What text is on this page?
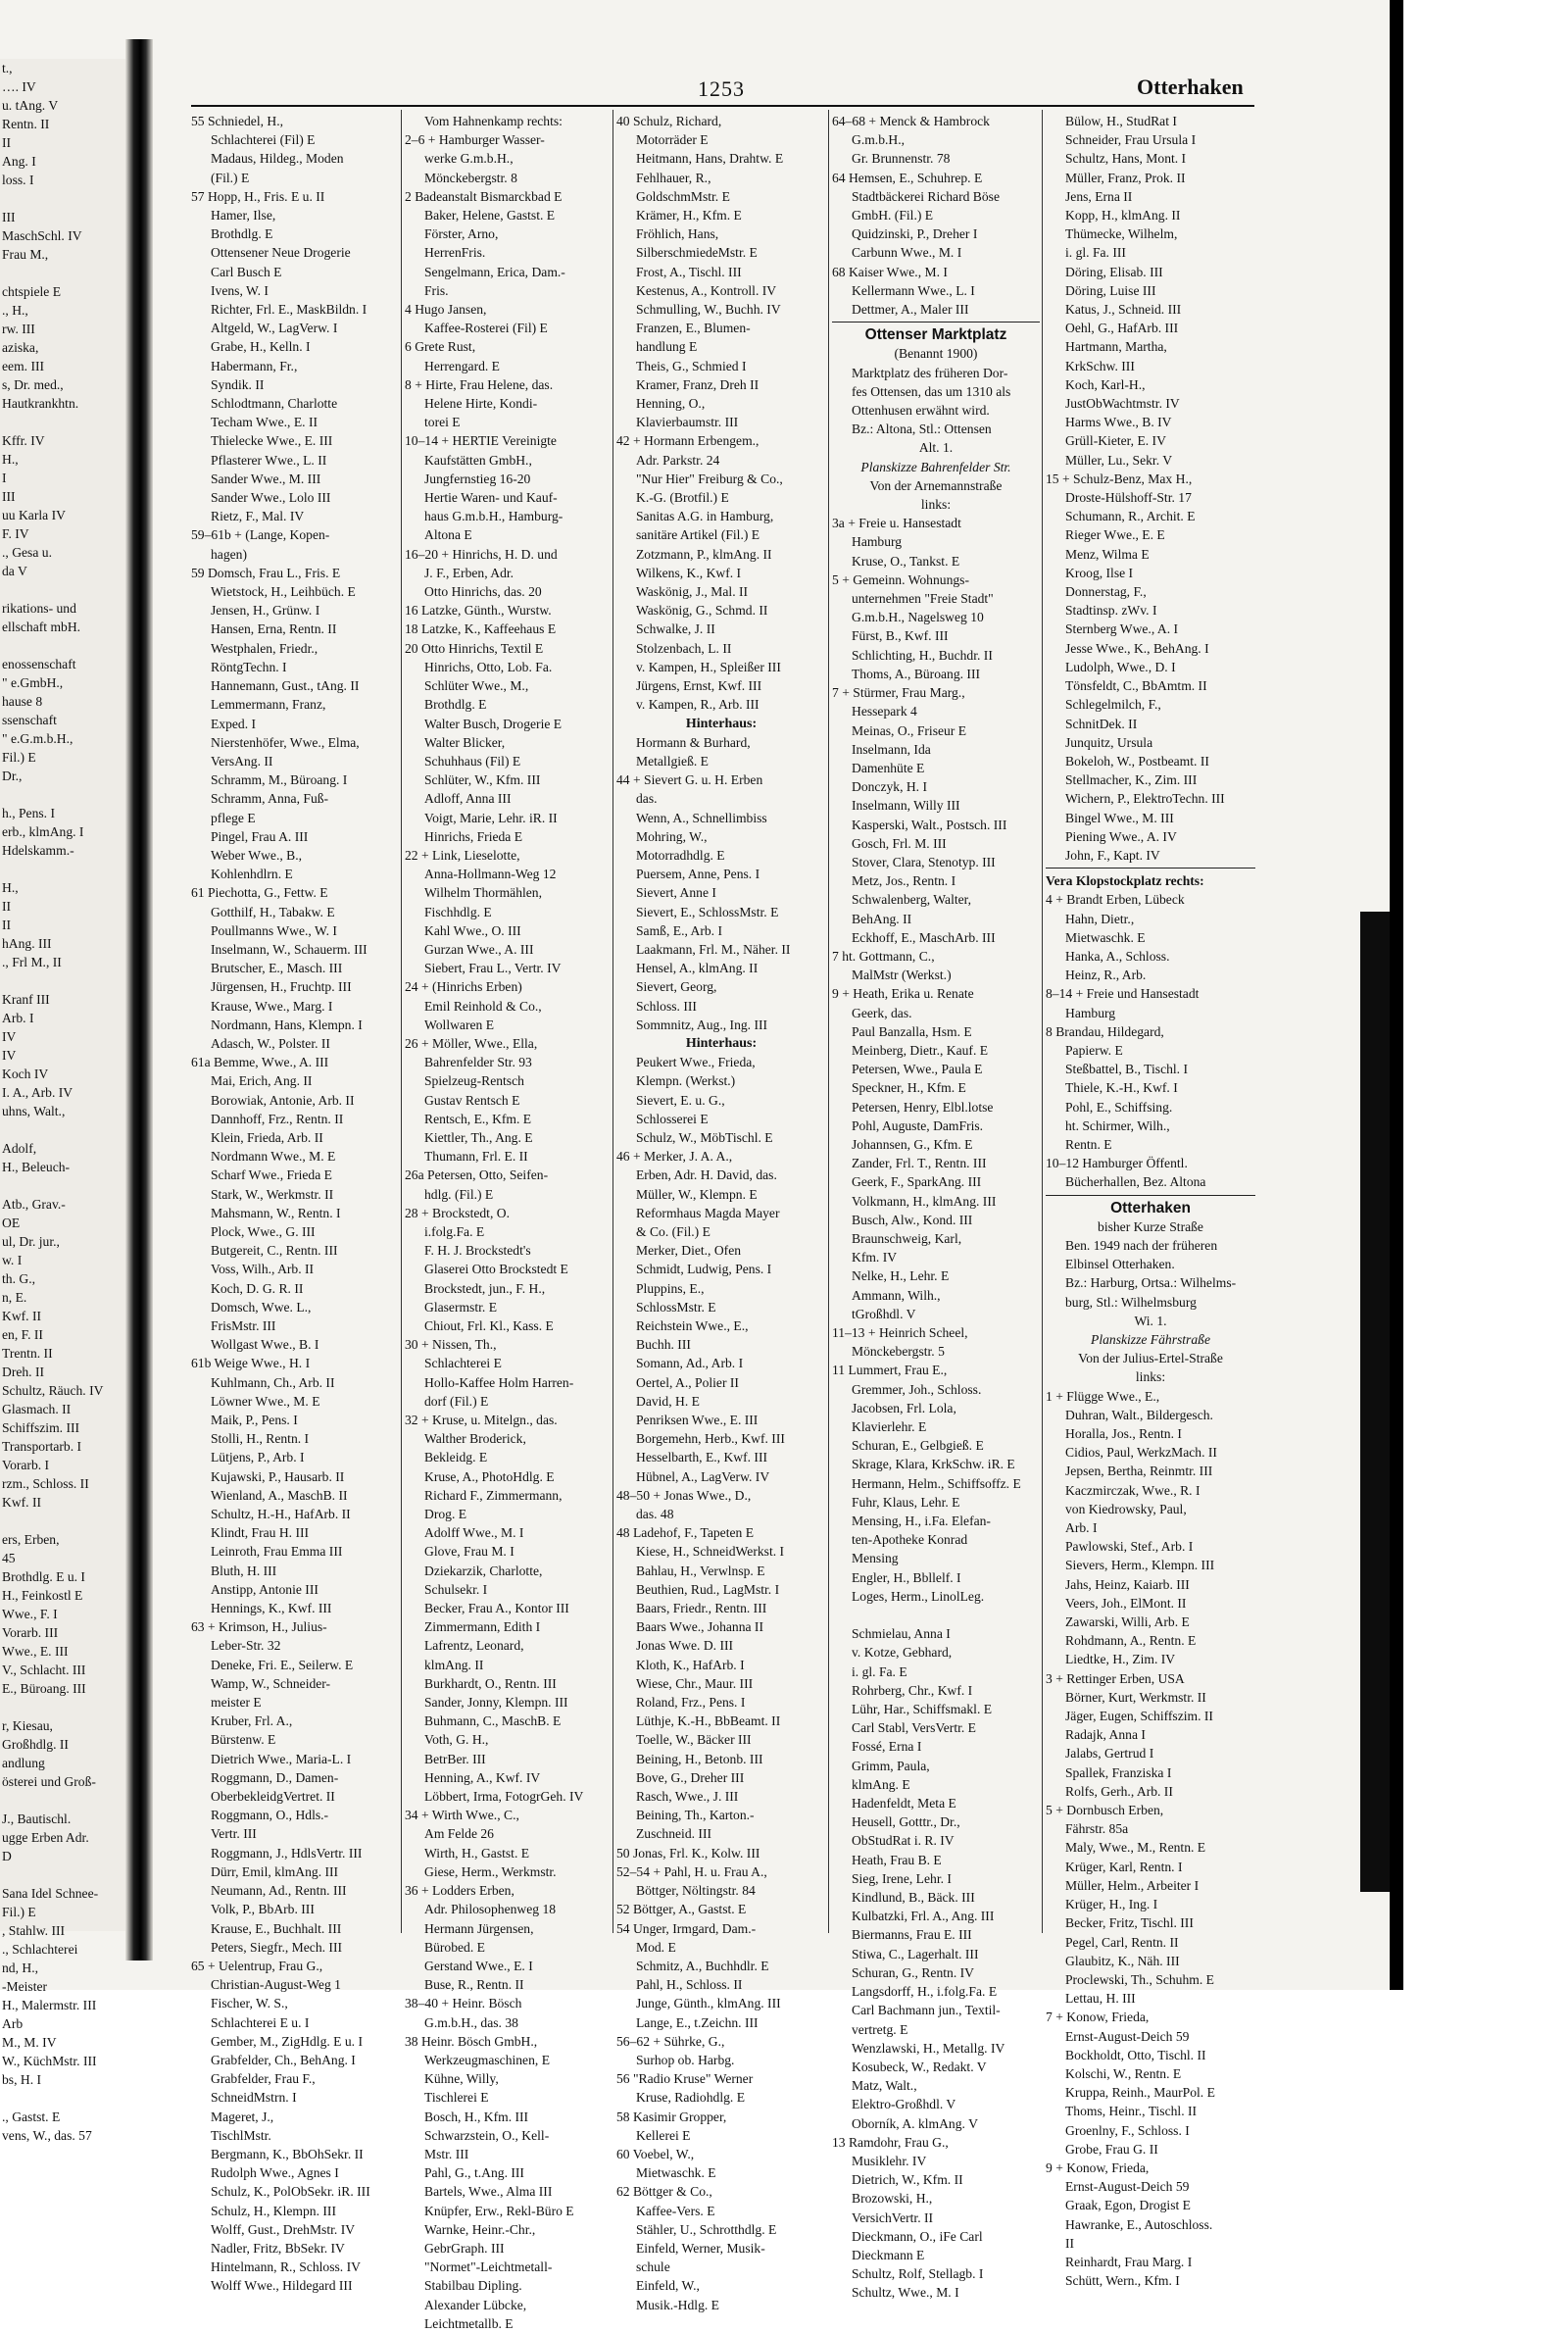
t.,
…. IV
u. tAng. V
Rentn. II
II
Ang. I
loss. I
III
MaschSchl. IV
Frau M.,
chtspiele E
., H.,
rw. III
aziska,
eem. III
s, Dr. med.,
Hautkrankhtn.
Kffr. IV
H.,
I
III
uu Karla IV
F. IV
., Gesa u.
da V
rikations- und
ellschaft mbH.
enossenschaft
" e.GmbH.,
hause 8
ssenschaft
" e.G.m.b.H.,
Fil.) E
Dr.,
h., Pens. I
erb., klmAng. I
Hdelskamm.-
H.,
II
II
hAng. III
., Frl M., II
Kranf III
Arb. I
IV
IV
Koch IV
I. A., Arb. IV
uhns, Walt.,
Adolf,
H., Beleuch-
Atb., Grav.-
OE
ul, Dr. jur.,
w. I
th. G.,
n, E.
Kwf. II
en, F. II
Trentn. II
Dreh. II
Schultz, Räuch. IV
Glasmach. II
Schiffszim. III
Transportarb. I
Vorarb. I
rzm., Schloss. II
Kwf. II
ers, Erben,
45
Brothdlg. E u. I
H., Feinkostl E
Wwe., F. I
Vorarb. III
Wwe., E. III
V., Schlacht. III
E., Büroang. III
r, Kiesau,
Großhdlg. II
andlung
österei und Groß-
J., Bautischl.
ugge Erben Adr.
D
Sana Idel Schnee-
Fil.) E
, Stahlw. III
., Schlachterei
nd, H.,
-Meister
H., Malermstr. III
Arb
M., M. IV
W., KüchMstr. III
bs, H. I
., Gastst. E
vens, W., das. 57
1253	Otterhaken
55 Schniedel, H.,
Schlachterei (Fil) E
Madaus, Hildeg., Moden
(Fil.) E
57 Hopp, H., Fris. E u. II
Hamer, Ilse,
Brothdlg. E
Ottensener Neue Drogerie
Carl Busch E
Ivens, W. I
Richter, Frl. E., MaskBildn. I
Altgeld, W., LagVerw. I
Grabe, H., Kelln. I
Habermann, Fr.,
Syndik. II
Schlodtmann, Charlotte
Techam Wwe., E. II
Thielecke Wwe., E. III
Pflasterer Wwe., L. II
Sander Wwe., M. III
Sander Wwe., Lolo III
Rietz, F., Mal. IV
59–61b + (Lange, Kopen-
hagen)
59 Domsch, Frau L., Fris. E
Wietstock, H., Leihbüch. E
Jensen, H., Grünw. I
Hansen, Erna, Rentn. II
Westphalen, Friedr.,
RöntgTechn. I
Hannemann, Gust., tAng. II
Lemmermann, Franz,
Exped. I
Nierstenhöfer, Wwe., Elma,
VersAng. II
Schramm, M., Büroang. I
Schramm, Anna, Fuß-
pflege E
Pingel, Frau A. III
Weber Wwe., B.,
Kohlenhdlrn. E
61 Piechotta, G., Fettw. E
Gotthilf, H., Tabakw. E
Poullmanns Wwe., W. I
Inselmann, W., Schauerm. III
Brutscher, E., Masch. III
Jürgensen, H., Fruchtp. III
Krause, Wwe., Marg. I
Nordmann, Hans, Klempn. I
Adasch, W., Polster. II
61a Bemme, Wwe., A. III
Mai, Erich, Ang. II
Borowiak, Antonie, Arb. II
Dannhoff, Frz., Rentn. II
Klein, Frieda, Arb. II
Nordmann Wwe., M. E
Scharf Wwe., Frieda E
Stark, W., Werkmstr. II
Mahsmann, W., Rentn. I
Plock, Wwe., G. III
Butgereit, C., Rentn. III
Voss, Wilh., Arb. II
Koch, D. G. R. II
Domsch, Wwe. L.,
FrisMstr. III
Wollgast Wwe., B. I
61b Weige Wwe., H. I
Kuhlmann, Ch., Arb. II
Löwner Wwe., M. E
Maik, P., Pens. I
Stolli, H., Rentn. I
Lütjens, P., Arb. I
Kujawski, P., Hausarb. II
Wienland, A., MaschB. II
Schultz, H.-H., HafArb. II
Klindt, Frau H. III
Leinroth, Frau Emma III
Bluth, H. III
Anstipp, Antonie III
Hennings, K., Kwf. III
63 + Krimson, H., Julius-
Leber-Str. 32
Deneke, Fri. E., Seilerw. E
Wamp, W., Schneider-
meister E
Kruber, Frl. A.,
Bürstenw. E
Dietrich Wwe., Maria-L. I
Roggmann, D., Damen-
OberbekleidgVertret. II
Roggmann, O., Hdls.-
Vertr. III
Roggmann, J., HdlsVertr. III
Dürr, Emil, klmAng. III
Neumann, Ad., Rentn. III
Volk, P., BbArb. III
Krause, E., Buchhalt. III
Peters, Siegfr., Mech. III
65 + Uelentrup, Frau G.,
Christian-August-Weg 1
Fischer, W. S.,
Schlachterei E u. I
Gember, M., ZigHdlg. E u. I
Grabfelder, Ch., BehAng. I
Grabfelder, Frau F.,
SchneidMstrn. I
Mageret, J.,
TischlMstr.
Bergmann, K., BbOhSekr. II
Rudolph Wwe., Agnes I
Schulz, K., PolObSekr. iR. III
Schulz, H., Klempn. III
Wolff, Gust., DrehMstr. IV
Nadler, Fritz, BbSekr. IV
Hintelmann, R., Schloss. IV
Wolff Wwe., Hildegard III
Vom Hahnenkamp rechts:
2–6 + Hamburger Wasser-
werke G.m.b.H.,
Mönckebergstr. 8
2 Badeanstalt Bismarckbad E
Baker, Helene, Gastst. E
Förster, Arno,
HerrenFris.
Sengelmann, Erica, Dam.-
Fris.
4 Hugo Jansen,
Kaffee-Rosterei (Fil) E
6 Grete Rust,
Herrengard. E
8 + Hirte, Frau Helene, das.
Helene Hirte, Kondi-
torei E
10–14 + HERTIE Vereinigte
Kaufstätten GmbH.,
Jungfernstieg 16-20
Hertie Waren- und Kauf-
haus G.m.b.H., Hamburg-
Altona E
16–20 + Hinrichs, H. D. und
J. F., Erben, Adr.
Otto Hinrichs, das. 20
16 Latzke, Günth., Wurstw.
18 Latzke, K., Kaffeehaus E
20 Otto Hinrichs, Textil E
Hinrichs, Otto, Lob. Fa.
Schlüter Wwe., M.,
Brothdlg. E
Walter Busch, Drogerie E
Walter Blicker,
Schuhhaus (Fil) E
Schlüter, W., Kfm. III
Adloff, Anna III
Voigt, Marie, Lehr. iR. II
Hinrichs, Frieda E
22 + Link, Lieselotte,
Anna-Hollmann-Weg 12
Wilhelm Thormählen,
Fischhdlg. E
Kahl Wwe., O. III
Gurzan Wwe., A. III
Siebert, Frau L., Vertr. IV
24 + (Hinrichs Erben)
Emil Reinhold & Co.,
Wollwaren E
26 + Möller, Wwe., Ella,
Bahrenfelder Str. 93
Spielzeug-Rentsch
Gustav Rentsch E
Rentsch, E., Kfm. E
Kiettler, Th., Ang. E
Thumann, Frl. E. II
26a Petersen, Otto, Seifen-
hdlg. (Fil.) E
28 + Brockstedt, O.
i.folg.Fa. E
F. H. J. Brockstedt's
Glaserei Otto Brockstedt E
Brockstedt, jun., F. H.,
Glasermstr. E
Chiout, Frl. Kl., Kass. E
30 + Nissen, Th.,
Schlachterei E
Hollo-Kaffee Holm Harren-
dorf (Fil.) E
32 + Kruse, u. Mitelgn., das.
Walther Broderick,
Bekleidg. E
Kruse, A., PhotoHdlg. E
Richard F., Zimmermann,
Drog. E
Adolff Wwe., M. I
Glove, Frau M. I
Dziekarzik, Charlotte,
Schulsekr. I
Becker, Frau A., Kontor III
Zimmermann, Edith I
Lafrentz, Leonard,
klmAng. II
Burkhardt, O., Rentn. III
Sander, Jonny, Klempn. III
Buhmann, C., MaschB. E
Voth, G. H.,
BetrBer. III
Henning, A., Kwf. IV
Löbbert, Irma, FotogrGeh. IV
34 + Wirth Wwe., C.,
Am Felde 26
Wirth, H., Gastst. E
Giese, Herm., Werkmstr.
36 + Lodders Erben,
Adr. Philosophenweg 18
Hermann Jürgensen,
Bürobed. E
Gerstand Wwe., E. I
Buse, R., Rentn. II
38–40 + Heinr. Bösch
G.m.b.H., das. 38
38 Heinr. Bösch GmbH.,
Werkzeugmaschinen, E
Kühne, Willy,
Tischlerei E
Bosch, H., Kfm. III
Schwarzstein, O., Kell-
Mstr. III
Pahl, G., t.Ang. III
Bartels, Wwe., Alma III
Knüpfer, Erw., Rekl-Büro E
Warnke, Heinr.-Chr.,
GebrGraph. III
"Normet"-Leichtmetall-
Stabilbau Dipling.
Alexander Lübcke,
Leichtmetallb. E
40 Schulz, Richard,
Motorräder E
Heitmann, Hans, Drahtw. E
Fehlhauer, R.,
GoldschmMstr. E
Krämer, H., Kfm. E
Fröhlich, Hans,
SilberschmiedeMstr. E
Frost, A., Tischl. III
Kestenus, A., Kontroll. IV
Schmulling, W., Buchh. IV
Franzen, E., Blumen-
handlung E
Theis, G., Schmied I
Kramer, Franz, Dreh II
Henning, O.,
Klavierbaumstr. III
42 + Hormann Erbengem.,
Adr. Parkstr. 24
"Nur Hier" Freiburg & Co.,
K.-G. (Brotfil.) E
Sanitas A.G. in Hamburg,
sanitäre Artikel (Fil.) E
Zotzmann, P., klmAng. II
Wilkens, K., Kwf. I
Waskönig, J., Mal. II
Waskönig, G., Schmd. II
Schwalke, J. II
Stolzenbach, L. II
v. Kampen, H., Spleißer III
Jürgens, Ernst, Kwf. III
v. Kampen, R., Arb. III
Hinterhaus:
Hormann & Burhard,
Metallgieß. E
44 + Sievert G. u. H. Erben
das.
Wenn, A., Schnellimbiss
Mohring, W.,
Motorradhdlg. E
Puersem, Anne, Pens. I
Sievert, Anne I
Sievert, E., SchlossMstr. E
Samß, E., Arb. I
Laakmann, Frl. M., Näher. II
Hensel, A., klmAng. II
Sievert, Georg,
Schloss. III
Sommnitz, Aug., Ing. III
Hinterhaus:
Peukert Wwe., Frieda,
Klempn. (Werkst.)
Sievert, E. u. G.,
Schlosserei E
Schulz, W., MöbTischl. E
46 + Merker, J. A. A.,
Erben, Adr. H. David, das.
Müller, W., Klempn. E
Reformhaus Magda Mayer
& Co. (Fil.) E
Merker, Diet., Ofen
Schmidt, Ludwig, Pens. I
Pluppins, E.,
SchlossMstr. E
Reichstein Wwe., E.,
Buchh. III
Somann, Ad., Arb. I
Oertel, A., Polier II
David, H. E
Penriksen Wwe., E. III
Borgemehn, Herb., Kwf. III
Hesselbarth, E., Kwf. III
Hübnel, A., LagVerw. IV
48–50 + Jonas Wwe., D.,
das. 48
48 Ladehof, F., Tapeten E
Kiese, H., SchneidWerkst. I
Bahlau, H., Verwlnsp. E
Beuthien, Rud., LagMstr. I
Baars, Friedr., Rentn. III
Baars Wwe., Johanna II
Jonas Wwe. D. III
Kloth, K., HafArb. I
Wiese, Chr., Maur. III
Roland, Frz., Pens. I
Lüthje, K.-H., BbBeamt. II
Toelle, W., Bäcker III
Beining, H., Betonb. III
Bove, G., Dreher III
Rasch, Wwe., J. III
Beining, Th., Karton.-
Zuschneid. III
50 Jonas, Frl. K., Kolw. III
52–54 + Pahl, H. u. Frau A.,
Böttger, Nöltingstr. 84
52 Böttger, A., Gastst. E
54 Unger, Irmgard, Dam.-
Mod. E
Schmitz, A., Buchhdlr. E
Pahl, H., Schloss. II
Junge, Günth., klmAng. III
Lange, E., t.Zeichn. III
56–62 + Sührke, G.,
Surhop ob. Harbg.
56 "Radio Kruse" Werner
Kruse, Radiohdlg. E
58 Kasimir Gropper,
Kellerei E
60 Voebel, W.,
Mietwaschk. E
62 Böttger & Co.,
Kaffee-Vers. E
Stähler, U., Schrotthdlg. E
Einfeld, Werner, Musik-
schule
Einfeld, W.,
Musik.-Hdlg. E
64–68 + Menck & Hambrock
G.m.b.H.,
Gr. Brunnenstr. 78
64 Hemsen, E., Schuhrep. E
Stadtbäckerei Richard Böse
GmbH. (Fil.) E
Quidzinski, P., Dreher I
Carbunn Wwe., M. I
68 Kaiser Wwe., M. I
Kellermann Wwe., L. I
Dettmer, A., Maler III
Ottenser Marktplatz
(Benannt 1900)
Marktplatz des früheren Dor-
fes Ottensen, das um 1310 als
Ottenhusen erwähnt wird.
Bz.: Altona, Stl.: Ottensen
Alt. 1.
Planskizze Bahrenfelder Str.
Von der Arnemannstraße
links:
3a + Freie u. Hansestadt
Hamburg
Kruse, O., Tankst. E
5 + Gemeinn. Wohnungs-
unternehmen "Freie Stadt"
G.m.b.H., Nagelsweg 10
Fürst, B., Kwf. III
Schlichting, H., Buchdr. II
Thoms, A., Büroang. III
7 + Stürmer, Frau Marg.,
Hessepark 4
Meinas, O., Friseur E
Inselmann, Ida
Damenhüte E
Donczyk, H. I
Inselmann, Willy III
Kasperski, Walt., Postsch. III
Gosch, Frl. M. III
Stover, Clara, Stenotyp. III
Metz, Jos., Rentn. I
Schwalenberg, Walter,
BehAng. II
Eckhoff, E., MaschArb. III
7 ht. Gottmann, C.,
MalMstr (Werkst.)
9 + Heath, Erika u. Renate
Geerk, das.
Paul Banzalla, Hsm. E
Meinberg, Dietr., Kauf. E
Petersen, Wwe., Paula E
Speckner, H., Kfm. E
Petersen, Henry, Elbl.lotse
Pohl, Auguste, DamFris.
Johannsen, G., Kfm. E
Zander, Frl. T., Rentn. III
Geerk, F., SparkAng. III
Volkmann, H., klmAng. III
Busch, Alw., Kond. III
Braunschweig, Karl,
Kfm. IV
Nelke, H., Lehr. E
Ammann, Wilh.,
tGroßhdl. V
11–13 + Heinrich Scheel,
Mönckebergstr. 5
11 Lummert, Frau E.,
Gremmer, Joh., Schloss.
Jacobsen, Frl. Lola,
Klavierlehr. E
Schuran, E., Gelbgieß. E
Skrage, Klara, KrkSchw. iR. E
Hermann, Helm., Schiffsoffz. E
Fuhr, Klaus, Lehr. E
Mensing, H., i.Fa. Elefan-
ten-Apotheke Konrad
Mensing
Engler, H., Bbllelf. I
Loges, Herm., LinolLeg.
Schmielau, Anna I
v. Kotze, Gebhard,
i. gl. Fa. E
Rohrberg, Chr., Kwf. I
Lühr, Har., Schiffsmakl. E
Carl Stabl, VersVertr. E
Fossé, Erna I
Grimm, Paula,
klmAng. E
Hadenfeldt, Meta E
Heusell, Gotttr., Dr.,
ObStudRat i. R. IV
Heath, Frau B. E
Sieg, Irene, Lehr. I
Kindlund, B., Bäck. III
Kulbatzki, Frl. A., Ang. III
Biermanns, Frau E. III
Stiwa, C., Lagerhalt. III
Schuran, G., Rentn. IV
Langsdorff, H., i.folg.Fa. E
Carl Bachmann jun., Textil-
vertretg. E
Wenzlawski, H., Metallg. IV
Kosubeck, W., Redakt. V
Matz, Walt.,
Elektro-Großhdl. V
Oborník, A. klmAng. V
13 Ramdohr, Frau G.,
Musiklehr. IV
Dietrich, W., Kfm. II
Brozowski, H.,
VersichVertr. II
Dieckmann, O., iFe Carl
Dieckmann E
Schultz, Rolf, Stellagb. I
Schultz, Wwe., M. I
Bülow, H., StudRat I
Schneider, Frau Ursula I
Schultz, Hans, Mont. I
Müller, Franz, Prok. II
Jens, Erna II
Kopp, H., klmAng. II
Thümecke, Wilhelm,
i. gl. Fa. III
Döring, Elisab. III
Döring, Luise III
Katus, J., Schneid. III
Oehl, G., HafArb. III
Hartmann, Martha,
KrkSchw. III
Koch, Karl-H.,
JustObWachtmstr. IV
Harms Wwe., B. IV
Grüll-Kieter, E. IV
Müller, Lu., Sekr. V
15 + Schulz-Benz, Max H.,
Droste-Hülshoff-Str. 17
Schumann, R., Archit. E
Rieger Wwe., E. E
Menz, Wilma E
Kroog, Ilse I
Donnerstag, F.,
Stadtinsp. zWv. I
Sternberg Wwe., A. I
Jesse Wwe., K., BehAng. I
Ludolph, Wwe., D. I
Tönsfeldt, C., BbAmtm. II
Schlegelmilch, F.,
SchnitDek. II
Junquitz, Ursula
Bokeloh, W., Postbeamt. II
Stellmacher, K., Zim. III
Wichern, P., ElektroTechn. III
Bingel Wwe., M. III
Piening Wwe., A. IV
John, F., Kapt. IV
Vera Klopstockplatz rechts:
4 + Brandt Erben, Lübeck
Hahn, Dietr.,
Mietwaschk. E
Hanka, A., Schloss.
Heinz, R., Arb.
8–14 + Freie und Hansestadt
Hamburg
8 Brandau, Hildegard,
Papierw. E
Steßbattel, B., Tischl. I
Thiele, K.-H., Kwf. I
Pohl, E., Schiffsing.
ht. Schirmer, Wilh.,
Rentn. E
10–12 Hamburger Öffentl.
Bücherhallen, Bez. Altona
Otterhaken
bisher Kurze Straße
Ben. 1949 nach der früheren
Elbinsel Otterhaken.
Bz.: Harburg, Ortsa.: Wilhelms-
burg, Stl.: Wilhelmsburg
Wi. 1.
Planskizze Fährstraße
Von der Julius-Ertel-Straße
links:
1 + Flügge Wwe., E.,
Duhran, Walt., Bildergesch.
Horalla, Jos., Rentn. I
Cidios, Paul, WerkzMach. II
Jepsen, Bertha, Reinmtr. III
Kaczmirczak, Wwe., R. I
von Kiedrowsky, Paul,
Arb. I
Pawlowski, Stef., Arb. I
Sievers, Herm., Klempn. III
Jahs, Heinz, Kaiarb. III
Veers, Joh., ElMont. II
Zawarski, Willi, Arb. E
Rohdmann, A., Rentn. E
Liedtke, H., Zim. IV
3 + Rettinger Erben, USA
Börner, Kurt, Werkmstr. II
Jäger, Eugen, Schiffszim. II
Radajk, Anna I
Jalabs, Gertrud I
Spallek, Franziska I
Rolfs, Gerh., Arb. II
5 + Dornbusch Erben,
Fährstr. 85a
Maly, Wwe., M., Rentn. E
Krüger, Karl, Rentn. I
Müller, Helm., Arbeiter I
Krüger, H., Ing. I
Becker, Fritz, Tischl. III
Pegel, Carl, Rentn. II
Glaubitz, K., Näh. III
Proclewski, Th., Schuhm. E
Lettau, H. III
7 + Konow, Frieda,
Ernst-August-Deich 59
Bockholdt, Otto, Tischl. II
Kolschi, W., Rentn. E
Kruppa, Reinh., MaurPol. E
Thoms, Heinr., Tischl. II
Groenlny, F., Schloss. I
Grobe, Frau G. II
9 + Konow, Frieda,
Ernst-August-Deich 59
Graak, Egon, Drogist E
Hawranke, E., Autoschloss.
II
Reinhardt, Frau Marg. I
Schütt, Wern., Kfm. I
